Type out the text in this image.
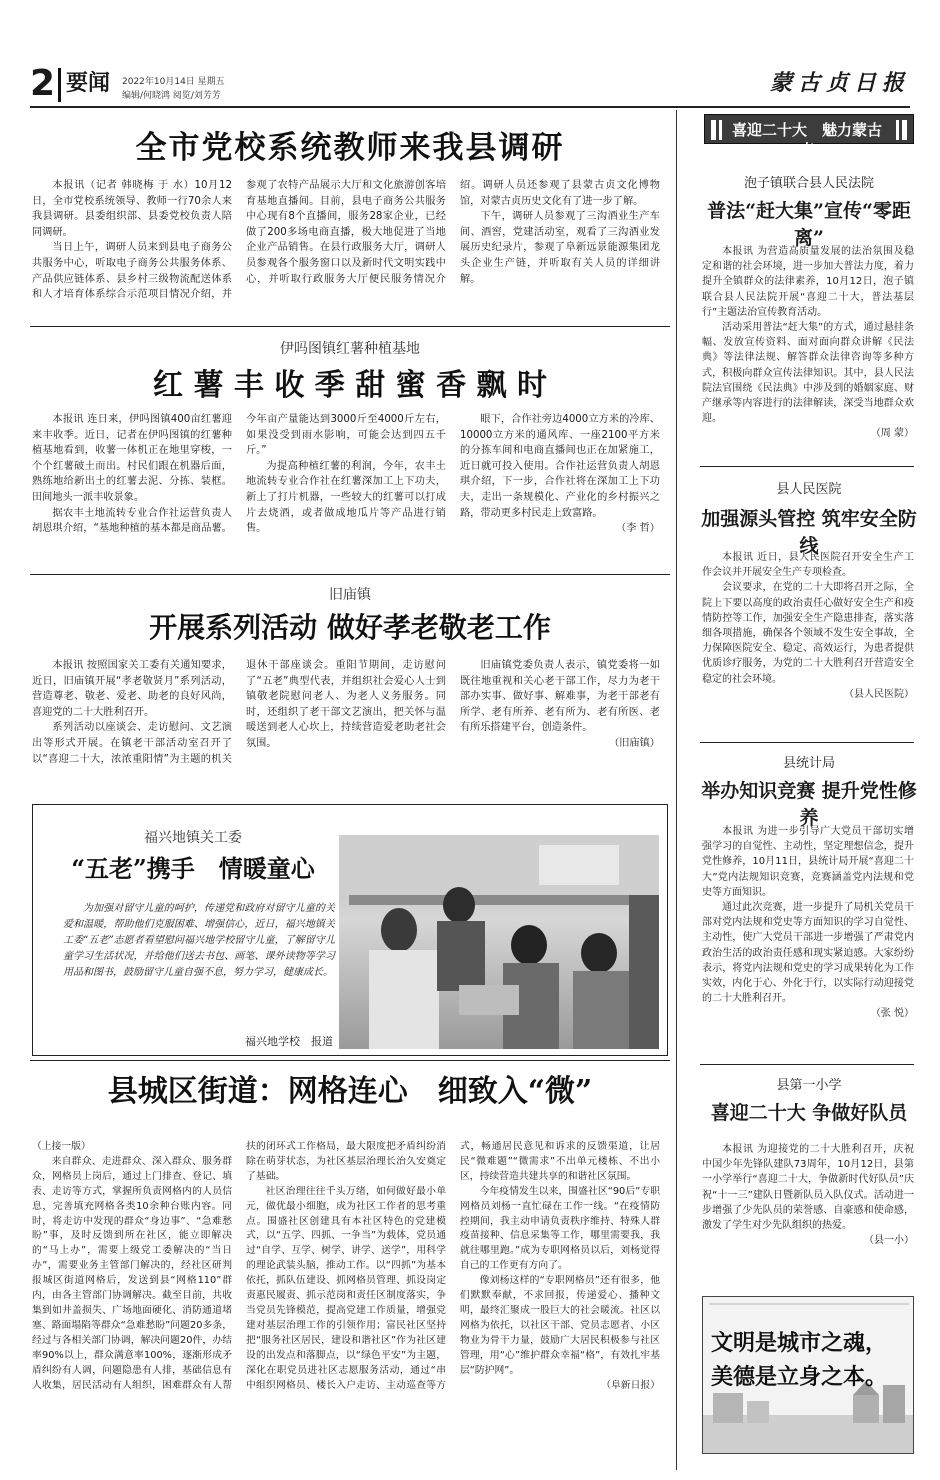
2 要闻 2022年10月14日 星期五
编辑/何晓鸿 阅览/刘芳芳	蒙古贞日报
全市党校系统教师来我县调研

本报讯（记者 韩晓梅 于 水）10月12日，全市党校系统领导、教师一行70余人来我县调研。县委组织部、县委党校负责人陪同调研。

当日上午，调研人员来到县电子商务公共服务中心，听取电子商务公共服务体系、产品供应链体系、县乡村三级物流配送体系和人才培育体系综合示范项目情况介绍，并参观了农特产品展示大厅和文化旅游创客培育基地直播间。目前，县电子商务公共服务中心现有8个直播间，服务28家企业，已经做了200多场电商直播，极大地促进了当地企业产品销售。在县行政服务大厅，调研人员参观各个服务窗口以及新时代文明实践中心，并听取行政服务大厅便民服务情况介绍。调研人员还参观了县蒙古贞文化博物馆，对蒙古贞历史文化有了进一步了解。

下午，调研人员参观了三沟酒业生产车间、酒窖，党建活动室，观看了三沟酒业发展历史纪录片，参观了阜新远景能源集团龙头企业生产链，并听取有关人员的详细讲解。

伊吗图镇红薯种植基地
红 薯 丰 收 季 甜 蜜 香 飘 时

本报讯 连日来，伊吗图镇400亩红薯迎来丰收季。近日，记者在伊吗图镇的红薯种植基地看到，收薯一体机正在地里穿梭，一个个红薯破土而出。村民们跟在机器后面，熟练地给新出土的红薯去泥、分拣、装框。田间地头一派丰收景象。

据农丰土地流转专业合作社运营负责人胡恩琪介绍，“基地种植的基本都是商品薯。今年亩产量能达到3000斤至4000斤左右，如果没受到雨水影响，可能会达到四五千斤。”

为提高种植红薯的利润，今年，农丰土地流转专业合作社在红薯深加工上下功夫，新上了打片机器，一些较大的红薯可以打成片去烧酒，或者做成地瓜片等产品进行销售。

眼下，合作社旁边4000立方米的冷库、10000立方米的通风库、一座2100平方米的分拣车间和电商直播间也正在加紧施工，近日就可投入使用。合作社运营负责人胡恩琪介绍，下一步，合作社将在深加工上下功夫，走出一条规模化、产业化的乡村振兴之路，带动更多村民走上致富路。

（李 哲）
旧庙镇
开展系列活动 做好孝老敬老工作

本报讯 按照国家关工委有关通知要求，近日，旧庙镇开展“孝老敬贤月”系列活动，营造尊老、敬老、爱老、助老的良好风尚，喜迎党的二十大胜利召开。

系列活动以座谈会、走访慰问、文艺演出等形式开展。在镇老干部活动室召开了以“喜迎二十大，浓浓重阳情”为主题的机关退休干部座谈会。重阳节期间，走访慰问了“五老”典型代表，并组织社会爱心人士到镇敬老院慰问老人、为老人义务服务。同时，还组织了老干部文艺演出，把关怀与温暖送到老人心坎上，持续营造爱老助老社会氛围。

旧庙镇党委负责人表示，镇党委将一如既往地重视和关心老干部工作，尽力为老干部办实事、做好事、解难事，为老干部老有所学、老有所养、老有所为、老有所医、老有所乐搭建平台，创造条件。

（旧庙镇）
福兴地镇关工委
“五老”携手　情暖童心
为加强对留守儿童的呵护，传递党和政府对留守儿童的关爱和温暖，帮助他们克服困难、增强信心，近日，福兴地镇关工委“五老”志愿者看望慰问福兴地学校留守儿童，了解留守儿童学习生活状况，并给他们送去书包、画笔、课外读物等学习用品和图书，鼓励留守儿童自强不息，努力学习，健康成长。
福兴地学校　报道
县城区街道：网格连心　细致入“微”

（上接一版）

来自群众、走进群众、深入群众、服务群众，网格员上岗后，通过上门排查、登记、填表、走访等方式，掌握所负责网格内的人员信息，完善填充网格各类10余种台账内容。同时，将走访中发现的群众“身边事”、“急难愁盼”事，及时反馈到所在社区，能立即解决的“马上办”，需要上级党工委解决的“当日办”，需要业务主管部门解决的，经社区研判报城区街道网格后，发送到县“网格110”群内，由各主管部门协调解决。截至目前，共收集到如井盖损失、广场地面硬化、消防通道堵塞、路面塌陷等群众“急难愁盼”问题20多条，经过与各相关部门协调，解决问题20件，办结率90%以上，群众满意率100%，逐渐形成矛盾纠纷有人调，问题隐患有人排，基础信息有人收集，居民活动有人组织，困难群众有人帮扶的闭环式工作格局，最大限度把矛盾纠纷消除在萌芽状态，为社区基层治理长治久安奠定了基础。

社区治理往往千头万绪，如何做好最小单元，做优最小细胞，成为社区工作者的思考重点。围盛社区创建具有本社区特色的党建模式，以“五学、四抓、一争当”为载体，党员通过“自学、互学、树学、讲学、送学”，用科学的理论武装头脑，推动工作。以“四抓”为基本依托，抓队伍建设、抓网格员管理、抓设岗定责惠民履责、抓示范岗和责任区制度落实，争当党员先锋模范，提高党建工作质量，增强党建对基层治理工作的引领作用；富民社区坚持把“服务社区居民，建设和谐社区”作为社区建设的出发点和落脚点，以“绿色平安”为主题，深化在职党员进社区志愿服务活动，通过“串中组织网格员、楼长入户走访、主动巡查等方式，畅通居民意见和诉求的反馈渠道，让居民“微难题”“微需求”不出单元楼栋、不出小区，持续营造共建共享的和谐社区氛围。

今年疫情发生以来，围盛社区“90后”专职网格员刘杨一直忙碌在工作一线。“在疫情防控期间，我主动申请负责秩序维持、特殊人群疫苗接种、信息采集等工作，哪里需要我，我就往哪里跑。”成为专职网格员以后，刘杨觉得自己的工作更有方向了。

像刘杨这样的“专职网格员”还有很多，他们默默奉献，不求回报，传递爱心、播种文明，最终汇聚成一股巨大的社会暖流。社区以网格为依托，以社区干部、党员志愿者、小区物业为骨干力量，鼓励广大居民积极参与社区管理，用“心”维护群众幸福“格”，有效扎牢基层“防护网”。

（阜新日报）
喜迎二十大　魅力蒙古贞
泡子镇联合县人民法院
普法“赶大集”宣传“零距离”

本报讯 为营造高质量发展的法治氛围及稳定和谐的社会环境，进一步加大普法力度，着力提升全镇群众的法律素养，10月12日，泡子镇联合县人民法院开展“喜迎二十大，普法基层行”主题法治宣传教育活动。

活动采用普法“赶大集”的方式，通过悬挂条幅、发放宣传资料、面对面向群众讲解《民法典》等法律法规、解答群众法律咨询等多种方式，积极向群众宣传法律知识。其中，县人民法院法官围绕《民法典》中涉及到的婚姻家庭、财产继承等内容进行的法律解读，深受当地群众欢迎。

（周 蒙）
县人民医院
加强源头管控 筑牢安全防线

本报讯 近日，县人民医院召开安全生产工作会议并开展安全生产专项检查。

会议要求，在党的二十大即将召开之际，全院上下要以高度的政治责任心做好安全生产和疫情防控等工作，加强安全生产隐患排查，落实落细各项措施，确保各个领域不发生安全事故，全力保障医院安全、稳定、高效运行，为患者提供优质诊疗服务，为党的二十大胜利召开营造安全稳定的社会环境。

（县人民医院）
县统计局
举办知识竞赛 提升党性修养

本报讯 为进一步引导广大党员干部切实增强学习的自觉性、主动性，坚定理想信念，提升党性修养，10月11日，县统计局开展“喜迎二十大”党内法规知识竞赛，竞赛涵盖党内法规和党史等方面知识。

通过此次竞赛，进一步提升了局机关党员干部对党内法规和党史等方面知识的学习自觉性、主动性，使广大党员干部进一步增强了严肃党内政治生活的政治责任感和现实紧迫感。大家纷纷表示，将党内法规和党史的学习成果转化为工作实效，内化于心、外化于行，以实际行动迎接党的二十大胜利召开。

（张 悦）
县第一小学
喜迎二十大 争做好队员

本报讯 为迎接党的二十大胜利召开，庆祝中国少年先锋队建队73周年，10月12日，县第一小学举行“喜迎二十大，争做新时代好队员”庆祝“十一三”建队日暨新队员入队仪式。活动进一步增强了少先队员的荣誉感、自豪感和使命感，激发了学生对少先队组织的热爱。

（县一小）
文明是城市之魂，
美德是立身之本。
